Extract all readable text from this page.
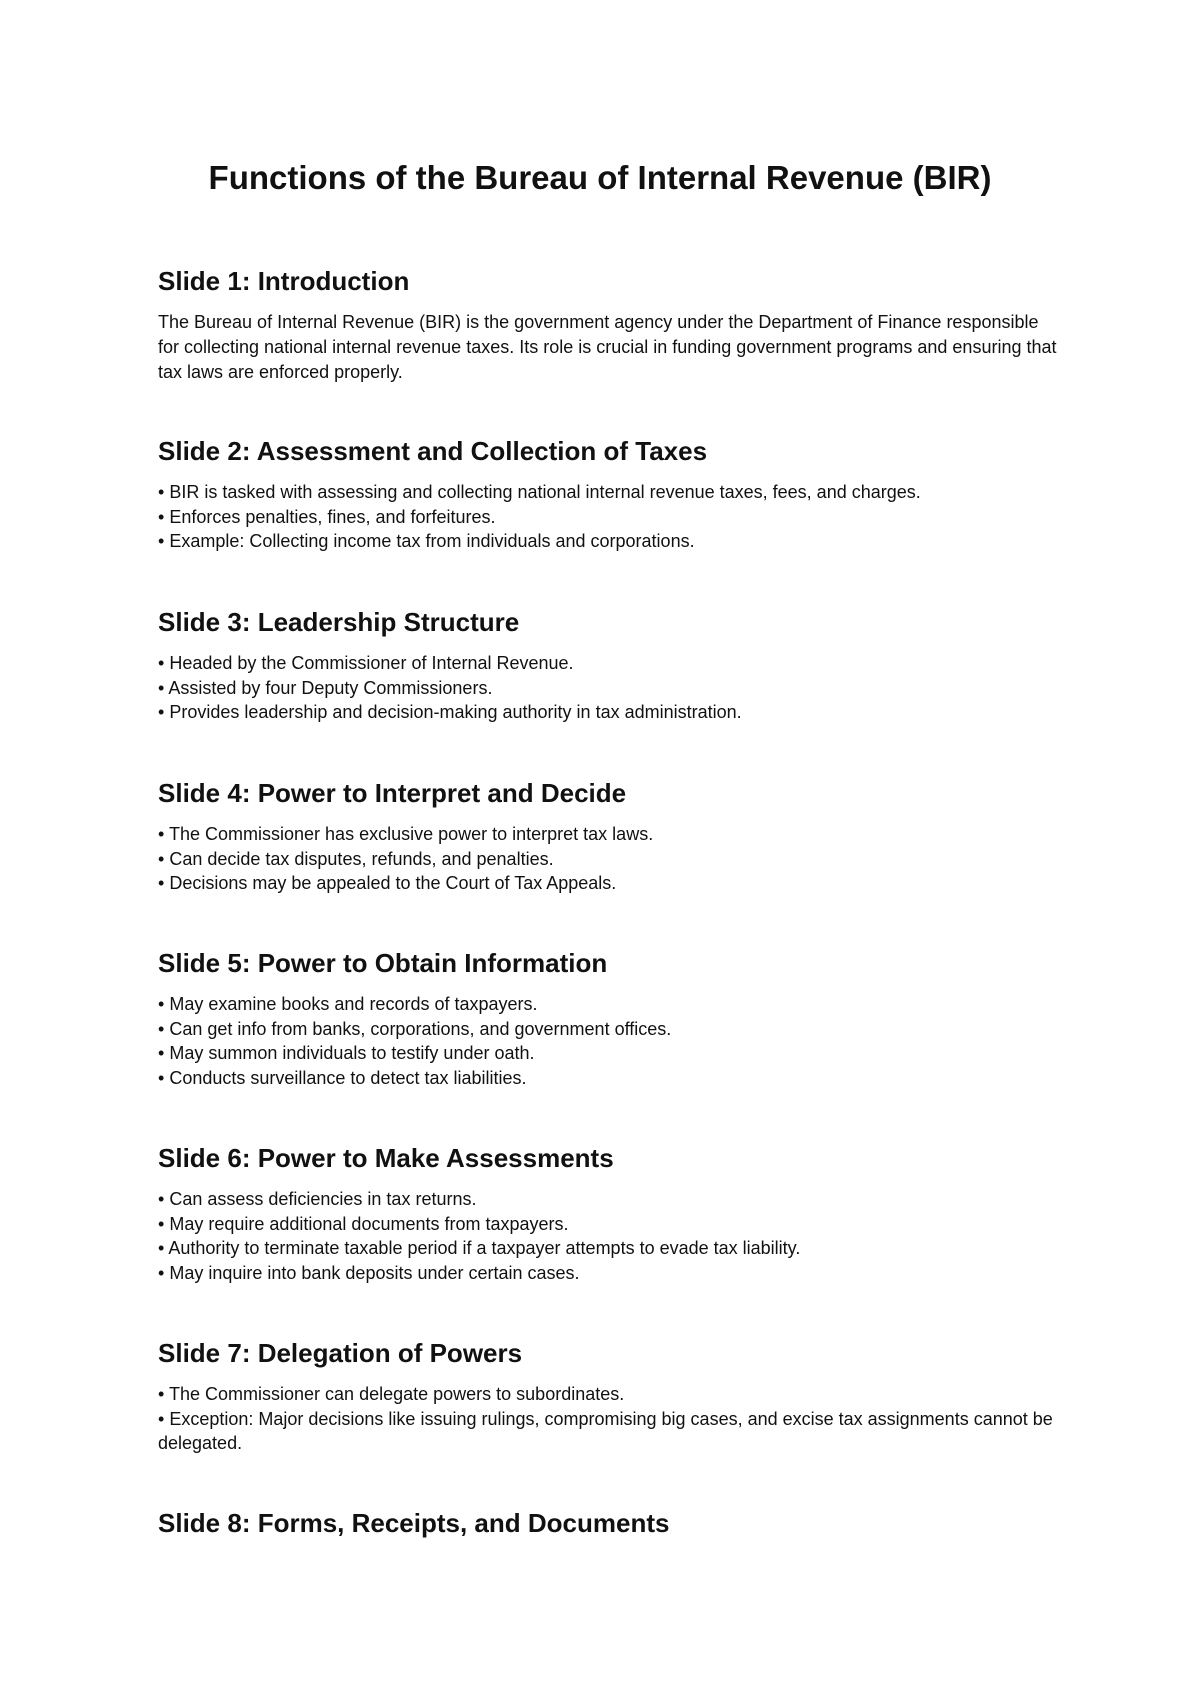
Functions of the Bureau of Internal Revenue (BIR)
Slide 1: Introduction

The Bureau of Internal Revenue (BIR) is the government agency under the Department of Finance responsible for collecting national internal revenue taxes. Its role is crucial in funding government programs and ensuring that tax laws are enforced properly.

Slide 2: Assessment and Collection of Taxes
• BIR is tasked with assessing and collecting national internal revenue taxes, fees, and charges.
• Enforces penalties, fines, and forfeitures.
• Example: Collecting income tax from individuals and corporations.
Slide 3: Leadership Structure
• Headed by the Commissioner of Internal Revenue.
• Assisted by four Deputy Commissioners.
• Provides leadership and decision-making authority in tax administration.
Slide 4: Power to Interpret and Decide
• The Commissioner has exclusive power to interpret tax laws.
• Can decide tax disputes, refunds, and penalties.
• Decisions may be appealed to the Court of Tax Appeals.
Slide 5: Power to Obtain Information
• May examine books and records of taxpayers.
• Can get info from banks, corporations, and government offices.
• May summon individuals to testify under oath.
• Conducts surveillance to detect tax liabilities.
Slide 6: Power to Make Assessments
• Can assess deficiencies in tax returns.
• May require additional documents from taxpayers.
• Authority to terminate taxable period if a taxpayer attempts to evade tax liability.
• May inquire into bank deposits under certain cases.
Slide 7: Delegation of Powers
• The Commissioner can delegate powers to subordinates.
• Exception: Major decisions like issuing rulings, compromising big cases, and excise tax assignments cannot be delegated.
Slide 8: Forms, Receipts, and Documents
